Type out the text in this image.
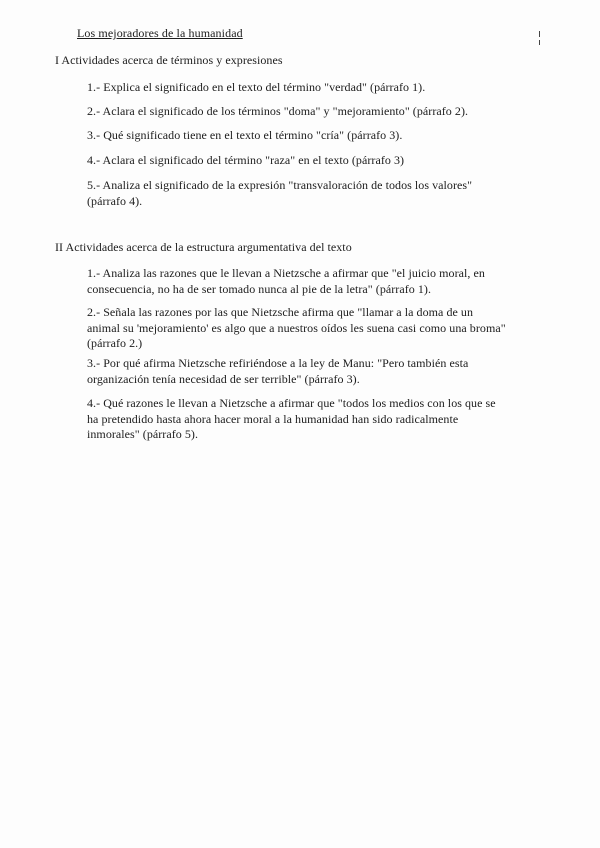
Los mejoradores de la humanidad
I Actividades acerca de términos y expresiones
1.- Explica el significado en el texto del término "verdad" (párrafo 1).
2.- Aclara el significado de los términos "doma" y "mejoramiento" (párrafo 2).
3.- Qué significado tiene en el texto el término "cría" (párrafo 3).
4.- Aclara el significado del término "raza" en el texto (párrafo 3)
5.- Analiza el significado de la expresión "transvaloración de todos los valores" (párrafo 4).
II Actividades acerca de la estructura argumentativa del texto
1.- Analiza las razones que le llevan a Nietzsche a afirmar que "el juicio moral, en consecuencia, no ha de ser tomado nunca al pie de la letra" (párrafo 1).
2.- Señala las razones por las que Nietzsche afirma que "llamar a la doma de un animal su 'mejoramiento' es algo que a nuestros oídos les suena casi como una broma" (párrafo 2.)
3.- Por qué afirma Nietzsche refiriéndose a la ley de Manu: "Pero también esta organización tenía necesidad de ser terrible" (párrafo 3).
4.- Qué razones le llevan a Nietzsche a afirmar que "todos los medios con los que se ha pretendido hasta ahora hacer moral a la humanidad han sido radicalmente inmorales" (párrafo 5).
